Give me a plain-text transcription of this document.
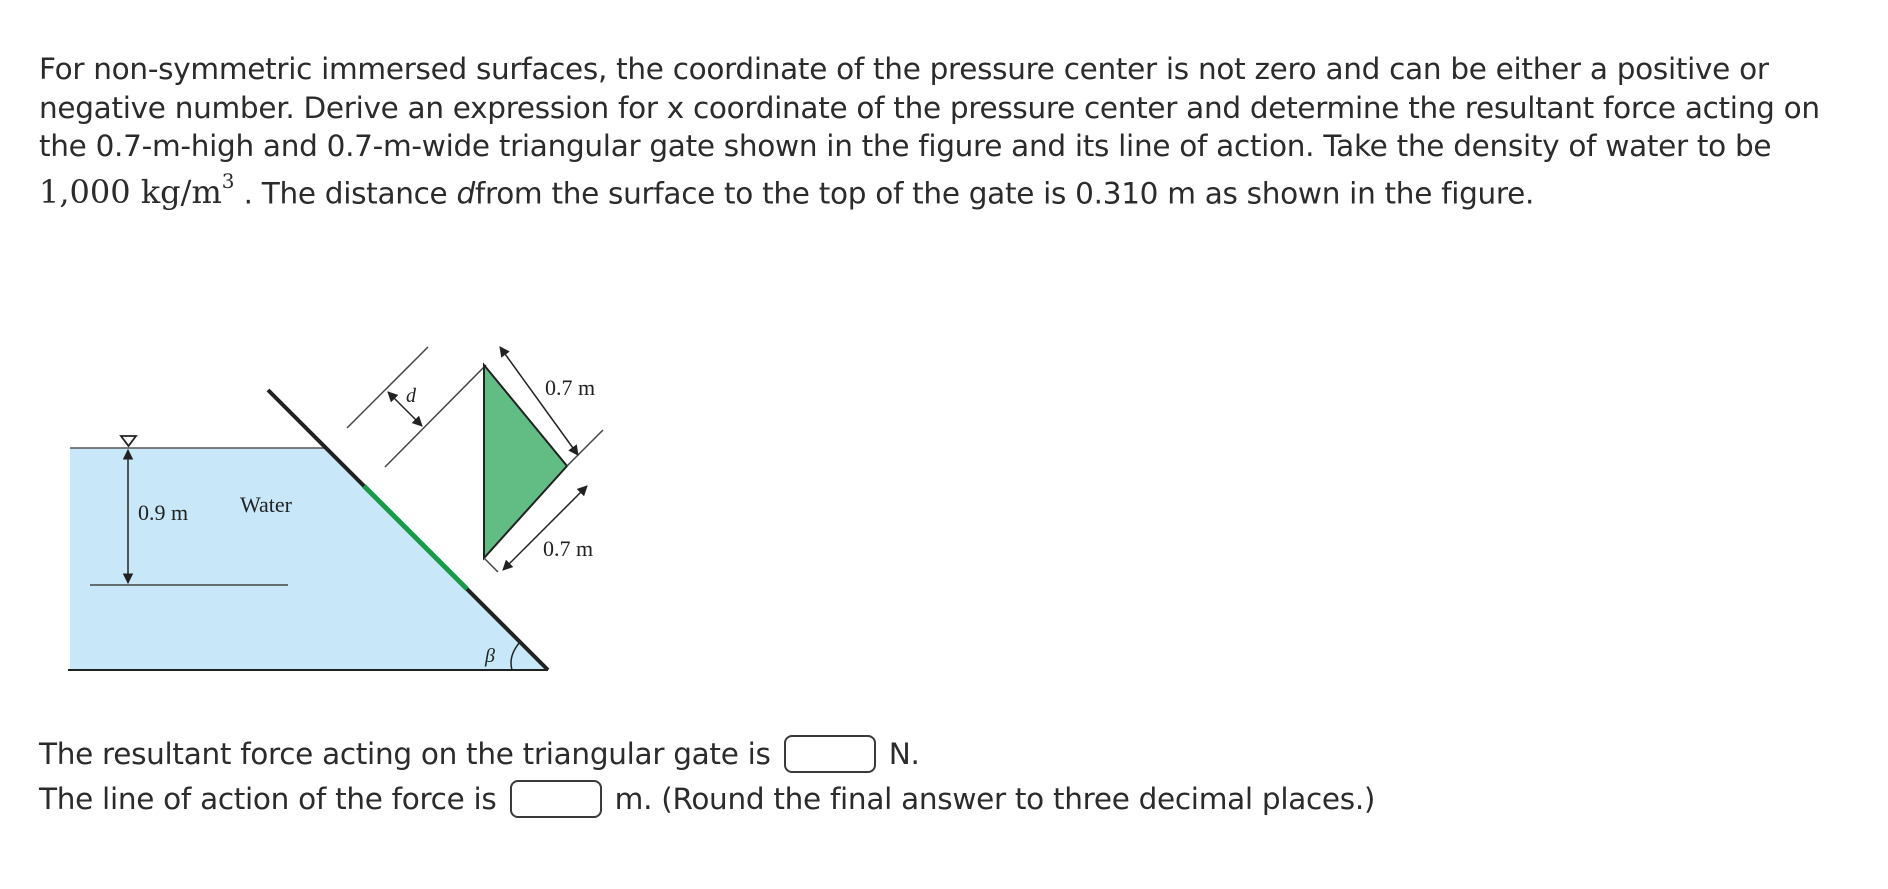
For non-symmetric immersed surfaces, the coordinate of the pressure center is not zero and can be either a positive or

negative number. Derive an expression for x coordinate of the pressure center and determine the resultant force acting on

the 0.7-m-high and 0.7-m-wide triangular gate shown in the figure and its line of action. Take the density of water to be

1,000 $kg/m^3$ . The distance dfrom the surface to the top of the gate is 0.310 m as shown in the figure.

0.9 m Water
d	0.7 m
0.7 m
β
The resultant force acting on the triangular gate is	N.
The line of action of the force is	m. (Round the final answer to three decimal places.)
